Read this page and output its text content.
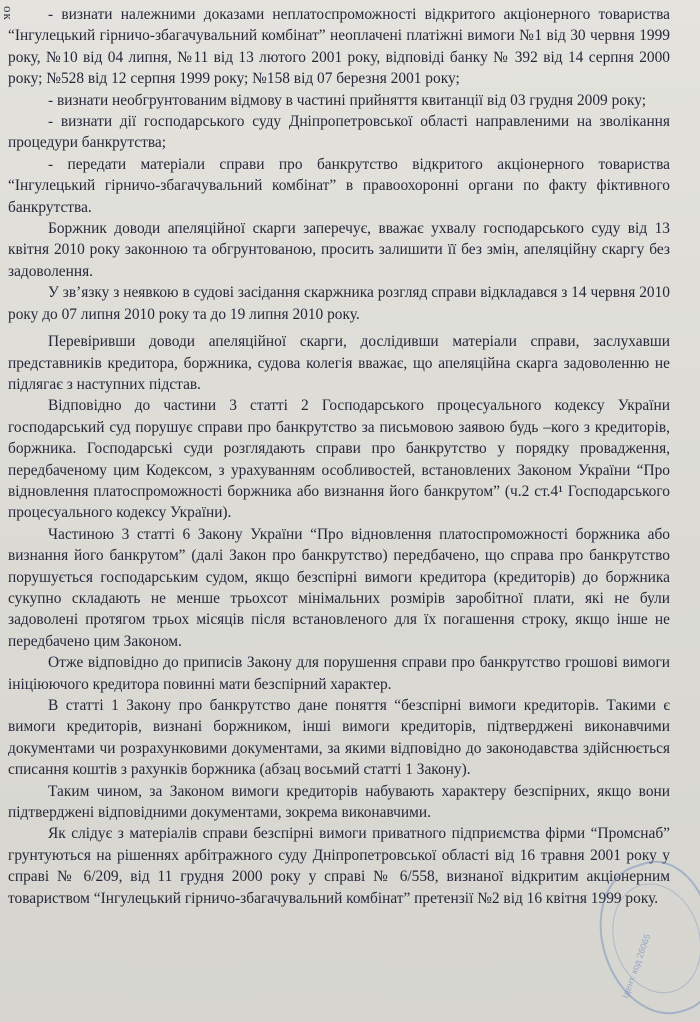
ок	- визнати належними доказами неплатоспроможності відкритого акціонерного товариства “Інгулецький гірничо-збагачувальний комбінат” неоплачені платіжні вимоги №1 від 30 червня 1999 року, №10 від 04 липня, №11 від 13 лютого 2001 року, відповіді банку № 392 від 14 серпня 2000 року; №528 від 12 серпня 1999 року; №158 від 07 березня 2001 року;

- визнати необгрунтованим відмову в частині прийняття квитанції від 03 грудня 2009 року;

- визнати дії господарського суду Дніпропетровської області направленими на зволікання процедури банкрутства;

- передати матеріали справи про банкрутство відкритого акціонерного товариства “Інгулецький гірничо-збагачувальний комбінат” в правоохоронні органи по факту фіктивного банкрутства.

Боржник доводи апеляційної скарги заперечує, вважає ухвалу господарського суду від 13 квітня 2010 року законною та обгрунтованою, просить залишити її без змін, апеляційну скаргу без задоволення.

У зв’язку з неявкою в судові засідання скаржника розгляд справи відкладався з 14 червня 2010 року до 07 липня 2010 року та до 19 липня 2010 року.

Перевіривши доводи апеляційної скарги, дослідивши матеріали справи, заслухавши представників кредитора, боржника, судова колегія вважає, що апеляційна скарга задоволенню не підлягає з наступних підстав.

Відповідно до частини 3 статті 2 Господарського процесуального кодексу України господарський суд порушує справи про банкрутство за письмовою заявою будь –кого з кредиторів, боржника. Господарські суди розглядають справи про банкрутство у порядку провадження, передбаченому цим Кодексом, з урахуванням особливостей, встановлених Законом України “Про відновлення платоспроможності боржника або визнання його банкрутом” (ч.2 ст.4¹ Господарського процесуального кодексу України).

Частиною 3 статті 6 Закону України “Про відновлення платоспроможності боржника або визнання його банкрутом” (далі Закон про банкрутство) передбачено, що справа про банкрутство порушується господарським судом, якщо безспірні вимоги кредитора (кредиторів) до боржника сукупно складають не менше трьохсот мінімальних розмірів заробітної плати, які не були задоволені протягом трьох місяців після встановленого для їх погашення строку, якщо інше не передбачено цим Законом.

Отже відповідно до приписів Закону для порушення справи про банкрутство грошові вимоги ініціюючого кредитора повинні мати безспірний характер.

В статті 1 Закону про банкрутство дане поняття “безспірні вимоги кредиторів. Такими є вимоги кредиторів, визнані боржником, інші вимоги кредиторів, підтверджені виконавчими документами чи розрахунковими документами, за якими відповідно до законодавства здійснюється списання коштів з рахунків боржника (абзац восьмий статті 1 Закону).

Таким чином, за Законом вимоги кредиторів набувають характеру безспірних, якщо вони підтверджені відповідними документами, зокрема виконавчими.

Як слідує з матеріалів справи безспірні вимоги приватного підприємства фірми “Промснаб” грунтуються на рішеннях арбітражного суду Дніпропетровської області від 16 травня 2001 року у справі № 6/209, від 11 грудня 2000 року у справі № 6/558, визнаної відкритим акціонерним товариством “Інгулецький гірничо-збагачувальний комбінат” претензії №2 від 16 квітня 1999 року.

Ідент. код 26065
